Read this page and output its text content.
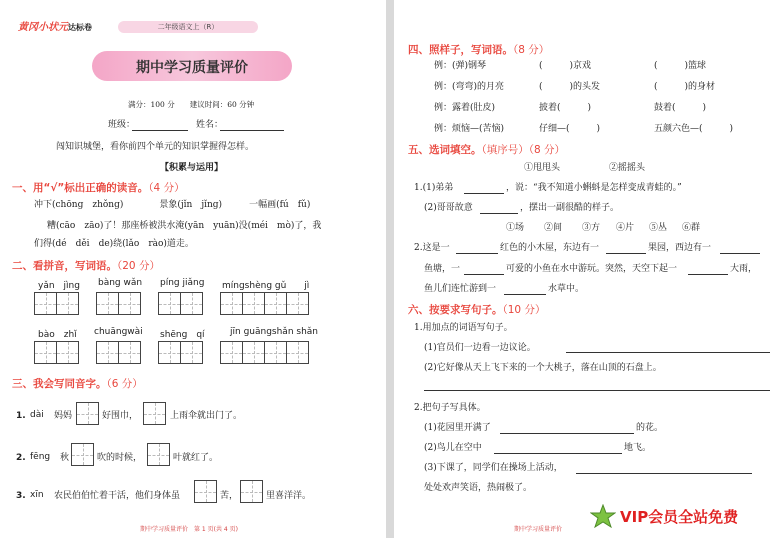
黄冈小状元 达标卷	二年级语文上（R）
期中学习质量评价
满分：100 分　　建议时间：60 分钟
班级：	姓名：
闯知识城堡，看你前四个单元的知识掌握得怎样。
【积累与运用】
一、用“√”标出正确的读音。（4 分）
冲下(chōng　zhǒng)　　　　景象(jǐn　jǐng)　　　一幅画(fú　fǔ)
糟(cāo　zāo)了！那座桥被洪水淹(yān　yuān)没(méi　mò)了，我
们得(dé　děi　de)绕(lǎo　rào)道走。
二、看拼音，写词语。（20 分）
yǎn　jìng bàng wǎn píng jiǎng míngshèng gǔ　　jì
bào　zhǐ chuāngwài shēng　qí	jīn guāngshǎn shǎn
三、我会写同音字。（6 分）
1. dài 妈妈	好围巾，	上雨伞就出门了。
2. fēng 秋	吹的时候，	叶就红了。
3. xīn 农民伯伯忙着干活，他们身体虽	苦，	里喜洋洋。
期中学习质量评价　第 1 页(共 4 页)
四、照样子，写词语。（8 分）
例：(弹)钢琴	(　　　)京戏	(　　　)篮球
例：(弯弯)的月亮	(　　　)的头发	(　　　)的身材
例：露着(肚皮)	披着(　　　)	鼓着(　　　)
例：烦恼—(苦恼)	仔细—(　　　)	五颜六色—(　　　)
五、选词填空。（填序号）（8 分）
①甩甩头	②摇摇头
1.(1)弟弟	，说：“我不知道小蝌蚪是怎样变成青蛙的。”
(2)哥哥故意	，摆出一副很酷的样子。
①场 ②间 ③方 ④片 ⑤丛 ⑥群
2.这是一	红色的小木屋，东边有一	果园，西边有一
鱼塘，一	可爱的小鱼在水中游玩。突然，天空下起一	大雨，
鱼儿们连忙游到一	水草中。
六、按要求写句子。（10 分）
1.用加点的词语写句子。
(1)官员们一边看一边议论。
(2)它好像从天上飞下来的一个大桃子，落在山顶的石盘上。
2.把句子写具体。
(1)花园里开满了	的花。
(2)鸟儿在空中	地飞。
(3)下课了，同学们在操场上活动，
处处欢声笑语，热闹极了。
期中学习质量评价
VIP会员全站免费
